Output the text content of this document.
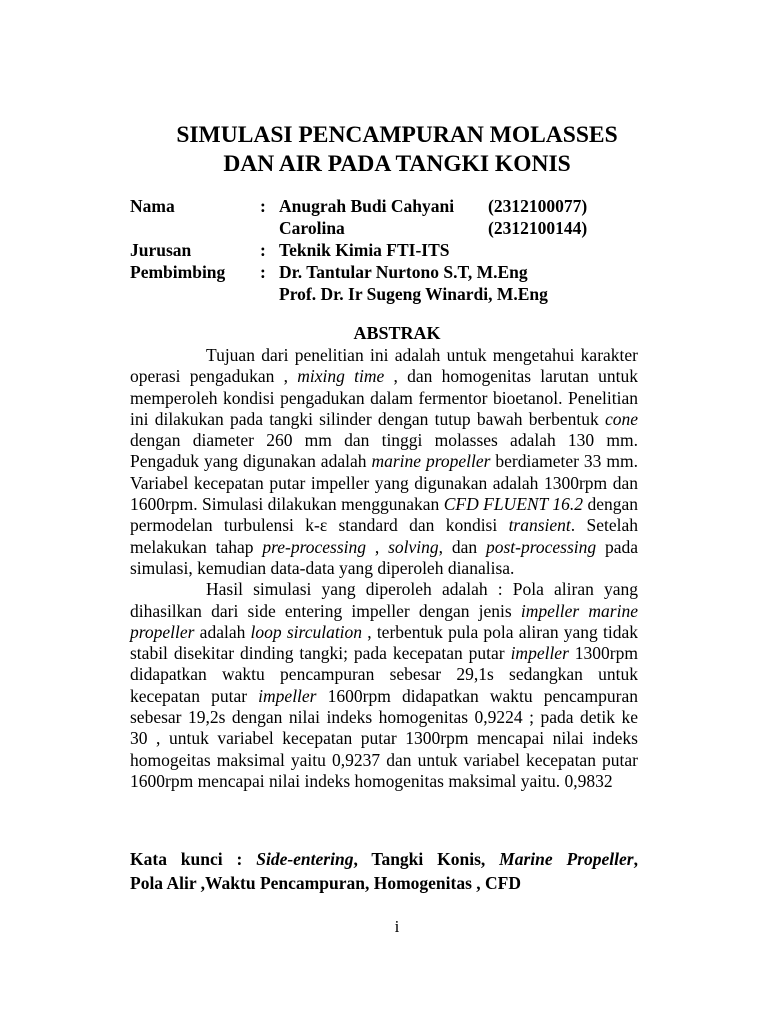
SIMULASI PENCAMPURAN MOLASSES
DAN AIR PADA TANGKI KONIS
Nama	: Anugrah Budi Cahyani (2312100077)
Carolina	(2312100144)
Jurusan	: Teknik Kimia FTI-ITS
Pembimbing : Dr. Tantular Nurtono S.T, M.Eng
Prof. Dr. Ir Sugeng Winardi, M.Eng
ABSTRAK

Tujuan dari penelitian ini adalah untuk mengetahui karakter operasi pengadukan , mixing time , dan homogenitas larutan untuk memperoleh kondisi pengadukan dalam fermentor bioetanol. Penelitian ini dilakukan pada tangki silinder dengan tutup bawah berbentuk cone dengan diameter 260 mm dan tinggi molasses adalah 130 mm. Pengaduk yang digunakan adalah marine propeller berdiameter 33 mm. Variabel kecepatan putar impeller yang digunakan adalah 1300rpm dan 1600rpm. Simulasi dilakukan menggunakan CFD FLUENT 16.2 dengan permodelan turbulensi k-ε standard dan kondisi transient. Setelah melakukan tahap pre-processing , solving, dan post-processing pada simulasi, kemudian data-data yang diperoleh dianalisa.

Hasil simulasi yang diperoleh adalah : Pola aliran yang dihasilkan dari side entering impeller dengan jenis impeller marine propeller adalah loop sirculation , terbentuk pula pola aliran yang tidak stabil disekitar dinding tangki; pada kecepatan putar impeller 1300rpm didapatkan waktu pencampuran sebesar 29,1s sedangkan untuk kecepatan putar impeller 1600rpm didapatkan waktu pencampuran sebesar 19,2s dengan nilai indeks homogenitas 0,9224 ; pada detik ke 30 , untuk variabel kecepatan putar 1300rpm mencapai nilai indeks homogeitas maksimal yaitu 0,9237 dan untuk variabel kecepatan putar 1600rpm mencapai nilai indeks homogenitas maksimal yaitu. 0,9832

Kata kunci : Side-entering, Tangki Konis, Marine Propeller,
Pola Alir ,Waktu Pencampuran, Homogenitas , CFD
i
